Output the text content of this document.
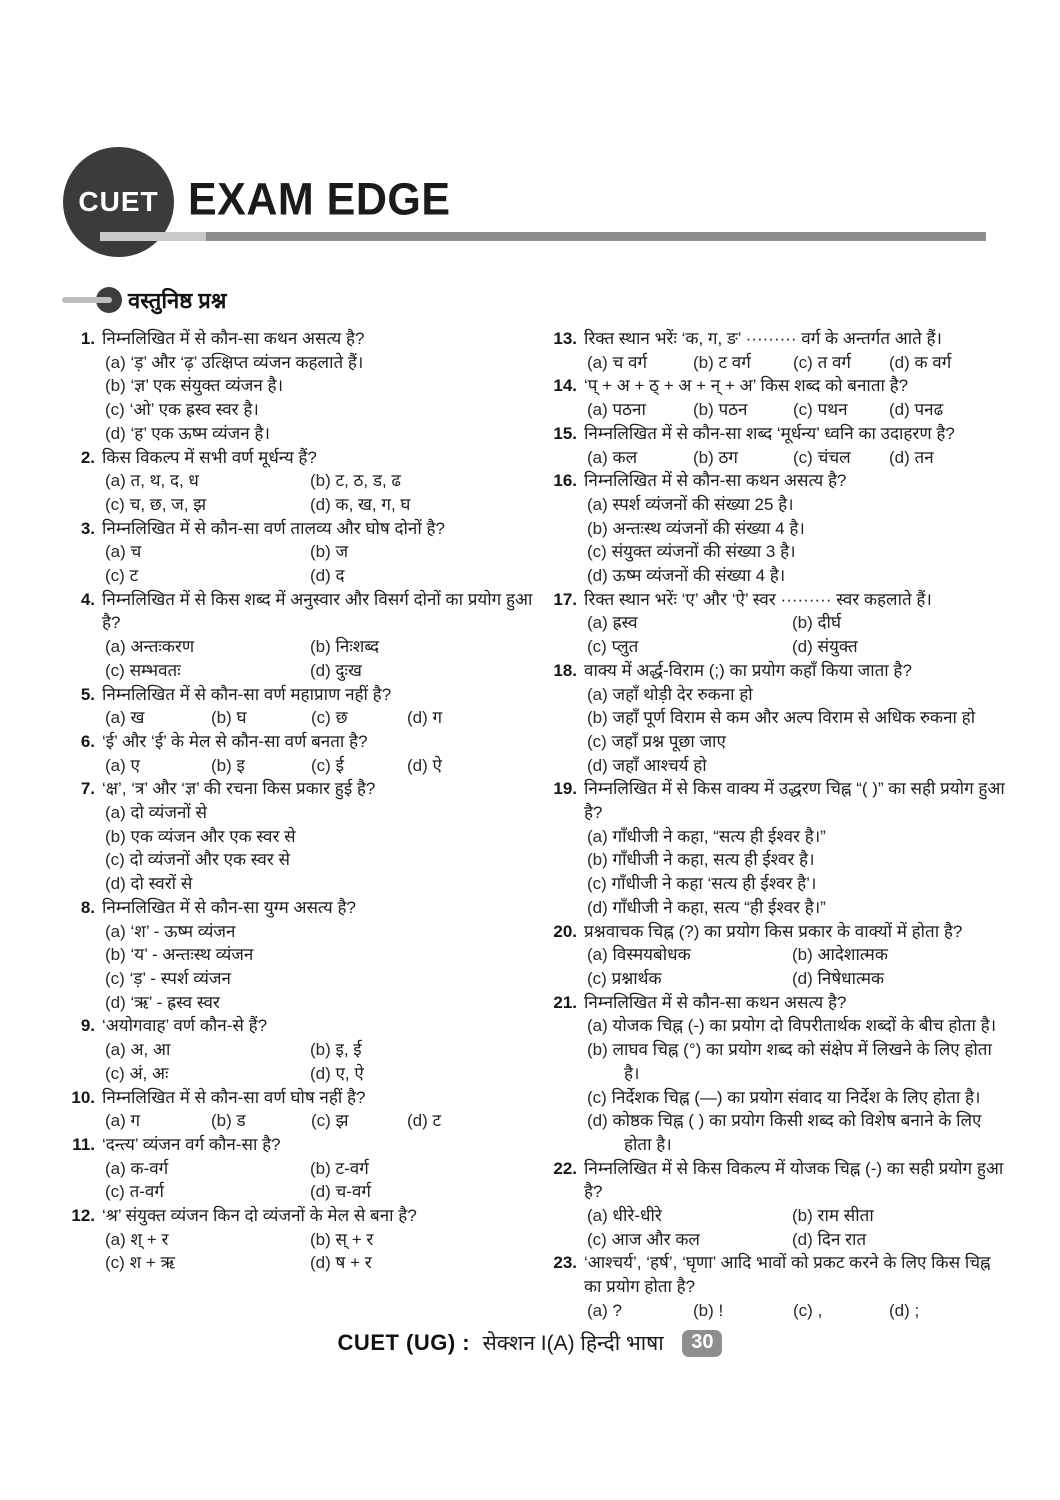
CUET EXAM EDGE
वस्तुनिष्ठ प्रश्न
1. निम्नलिखित में से कौन-सा कथन असत्य है?
(a) ‘ड़’ और ‘ढ़’ उत्क्षिप्त व्यंजन कहलाते हैं।
(b) ‘ज्ञ’ एक संयुक्त व्यंजन है।
(c) ‘ओ’ एक ह्रस्व स्वर है।
(d) ‘ह’ एक ऊष्म व्यंजन है।
2. किस विकल्प में सभी वर्ण मूर्धन्य हैं?
(a) त, थ, द, ध	(b) ट, ठ, ड, ढ
(c) च, छ, ज, झ	(d) क, ख, ग, घ
3. निम्नलिखित में से कौन-सा वर्ण तालव्य और घोष दोनों है?
(a) च	(b) ज
(c) ट	(d) द
4. निम्नलिखित में से किस शब्द में अनुस्वार और विसर्ग दोनों का प्रयोग हुआ है?
(a) अन्तःकरण	(b) निःशब्द
(c) सम्भवतः	(d) दुःख
5. निम्नलिखित में से कौन-सा वर्ण महाप्राण नहीं है?
(a) ख	(b) घ	(c) छ	(d) ग
6. ‘ई’ और ‘ई’ के मेल से कौन-सा वर्ण बनता है?
(a) ए	(b) इ	(c) ई	(d) ऐ
7. ‘क्ष’, ‘त्र’ और ‘ज्ञ’ की रचना किस प्रकार हुई है?
(a) दो व्यंजनों से
(b) एक व्यंजन और एक स्वर से
(c) दो व्यंजनों और एक स्वर से
(d) दो स्वरों से
8. निम्नलिखित में से कौन-सा युग्म असत्य है?
(a) ‘श’ - ऊष्म व्यंजन
(b) ‘य’ - अन्तःस्थ व्यंजन
(c) ‘ड़’ - स्पर्श व्यंजन
(d) ‘ऋ’ - ह्रस्व स्वर
9. ‘अयोगवाह’ वर्ण कौन-से हैं?
(a) अ, आ	(b) इ, ई
(c) अं, अः	(d) ए, ऐ
10. निम्नलिखित में से कौन-सा वर्ण घोष नहीं है?
(a) ग	(b) ड	(c) झ	(d) ट
11. ‘दन्त्य’ व्यंजन वर्ग कौन-सा है?
(a) क-वर्ग	(b) ट-वर्ग
(c) त-वर्ग	(d) च-वर्ग
12. ‘श्र’ संयुक्त व्यंजन किन दो व्यंजनों के मेल से बना है?
(a) श् + र	(b) स् + र
(c) श + ऋ	(d) ष + र
13. रिक्त स्थान भरेंः ‘क, ग, ङ’ ········· वर्ग के अन्तर्गत आते हैं।
(a) च वर्ग	(b) ट वर्ग	(c) त वर्ग	(d) क वर्ग
14. ‘प् + अ + ठ् + अ + न् + अ’ किस शब्द को बनाता है?
(a) पठना	(b) पठन	(c) पथन	(d) पनढ
15. निम्नलिखित में से कौन-सा शब्द ‘मूर्धन्य’ ध्वनि का उदाहरण है?
(a) कल	(b) ठग	(c) चंचल	(d) तन
16. निम्नलिखित में से कौन-सा कथन असत्य है?
(a) स्पर्श व्यंजनों की संख्या 25 है।
(b) अन्तःस्थ व्यंजनों की संख्या 4 है।
(c) संयुक्त व्यंजनों की संख्या 3 है।
(d) ऊष्म व्यंजनों की संख्या 4 है।
17. रिक्त स्थान भरेंः ‘ए’ और ‘ऐ’ स्वर ········· स्वर कहलाते हैं।
(a) ह्रस्व	(b) दीर्घ
(c) प्लुत	(d) संयुक्त
18. वाक्य में अर्द्ध-विराम (;) का प्रयोग कहाँ किया जाता है?
(a) जहाँ थोड़ी देर रुकना हो
(b) जहाँ पूर्ण विराम से कम और अल्प विराम से अधिक रुकना हो
(c) जहाँ प्रश्न पूछा जाए
(d) जहाँ आश्चर्य हो
19. निम्नलिखित में से किस वाक्य में उद्धरण चिह्न “( )” का सही प्रयोग हुआ है?
(a) गाँधीजी ने कहा, “सत्य ही ईश्वर है।”
(b) गाँधीजी ने कहा, सत्य ही ईश्वर है।
(c) गाँधीजी ने कहा ‘सत्य ही ईश्वर है’।
(d) गाँधीजी ने कहा, सत्य “ही ईश्वर है।”
20. प्रश्नवाचक चिह्न (?) का प्रयोग किस प्रकार के वाक्यों में होता है?
(a) विस्मयबोधक	(b) आदेशात्मक
(c) प्रश्नार्थक	(d) निषेधात्मक
21. निम्नलिखित में से कौन-सा कथन असत्य है?
(a) योजक चिह्न (-) का प्रयोग दो विपरीतार्थक शब्दों के बीच होता है।
(b) लाघव चिह्न (°) का प्रयोग शब्द को संक्षेप में लिखने के लिए होता है।
(c) निर्देशक चिह्न (—) का प्रयोग संवाद या निर्देश के लिए होता है।
(d) कोष्ठक चिह्न ( ) का प्रयोग किसी शब्द को विशेष बनाने के लिए होता है।
22. निम्नलिखित में से किस विकल्प में योजक चिह्न (-) का सही प्रयोग हुआ है?
(a) धीरे-धीरे	(b) राम सीता
(c) आज और कल	(d) दिन रात
23. ‘आश्चर्य’, ‘हर्ष’, ‘घृणा’ आदि भावों को प्रकट करने के लिए किस चिह्न का प्रयोग होता है?
(a) ?	(b) !	(c) ,	(d) ;
CUET (UG) : सेक्शन I(A) हिन्दी भाषा 30
